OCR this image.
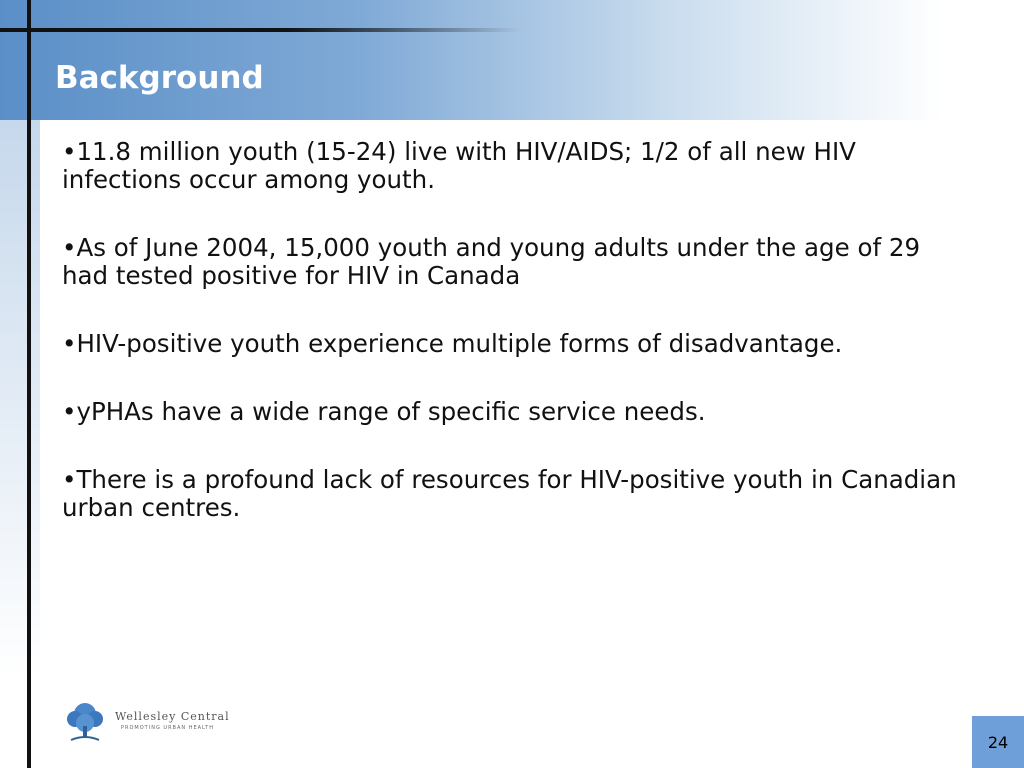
Background

•11.8 million youth (15-24) live with HIV/AIDS; 1/2 of all new HIV infections occur among youth.

•As of June 2004, 15,000 youth and young adults under the age of 29 had tested positive for HIV in Canada

•HIV-positive youth experience multiple forms of disadvantage.

•yPHAs have a wide range of specific service needs.

•There is a profound lack of resources for HIV-positive youth in Canadian urban centres.

Wellesley Central
PROMOTING URBAN HEALTH
24
